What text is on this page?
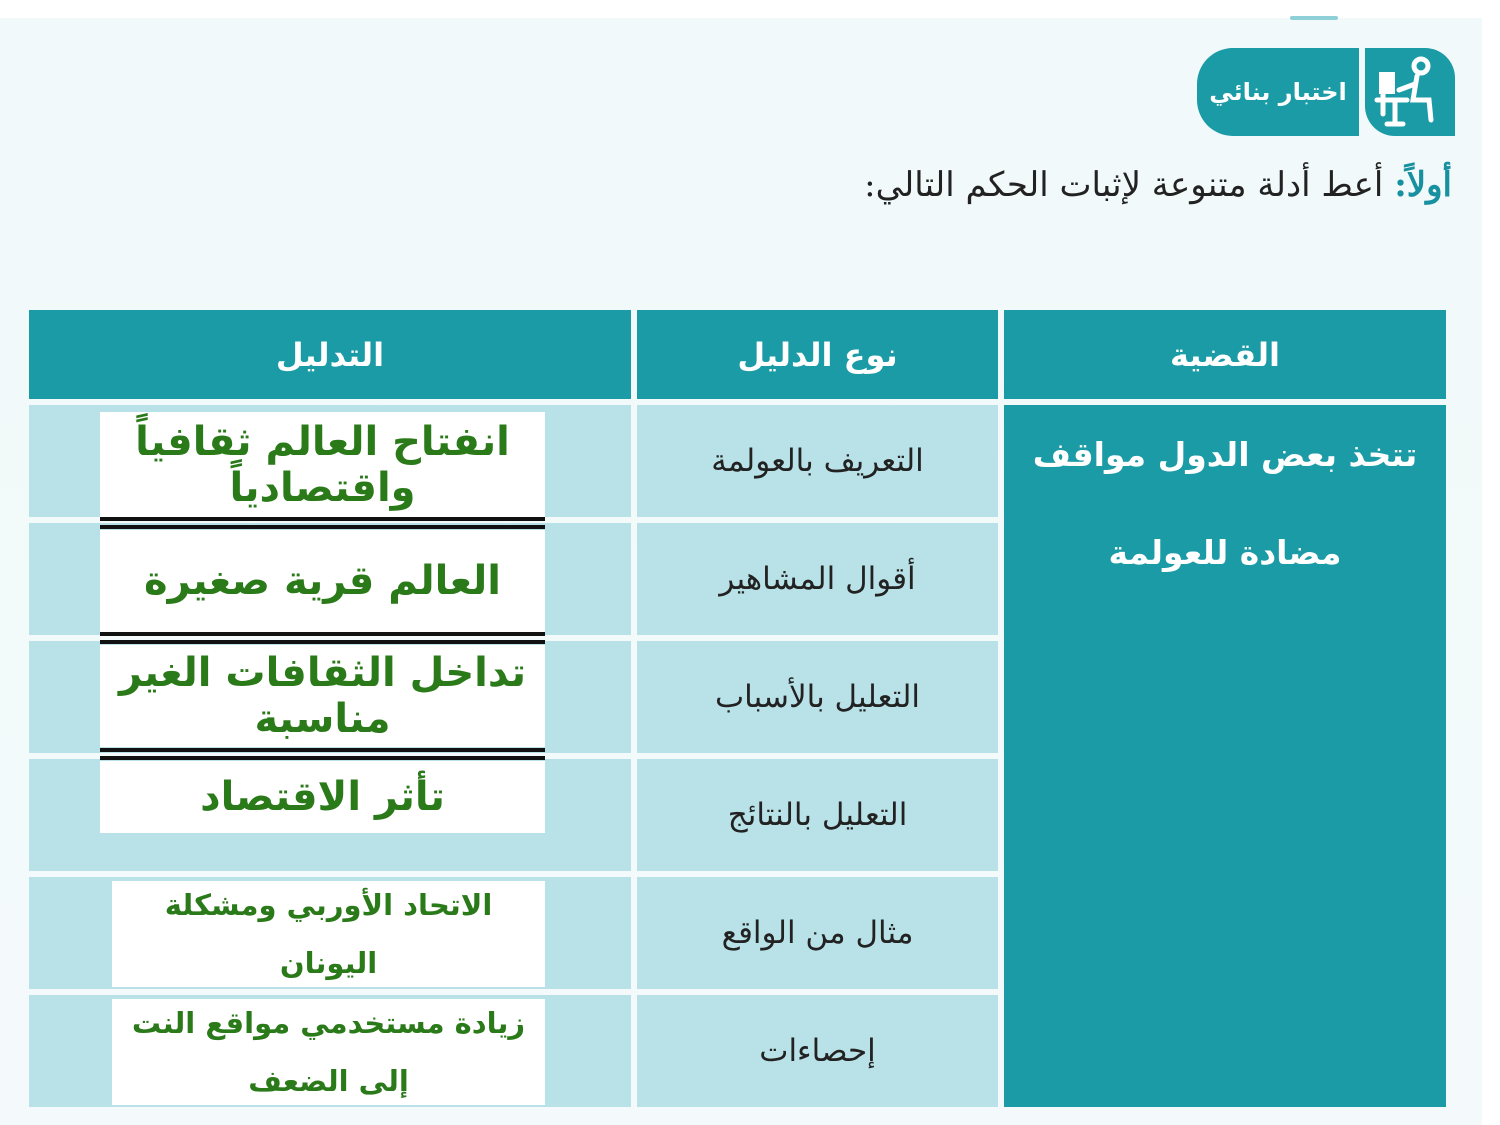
اختبار بنائي
أولاً: أعط أدلة متنوعة لإثبات الحكم التالي:
القضية
نوع الدليل
التدليل
تتخذ بعض الدول مواقف
مضادة للعولمة
التعريف بالعولمة
أقوال المشاهير
التعليل بالأسباب
التعليل بالنتائج
مثال من الواقع
إحصاءات
انفتاح العالم ثقافياً واقتصادياً
العالم قرية صغيرة
تداخل الثقافات الغير مناسبة
تأثر الاقتصاد
الاتحاد الأوربي ومشكلة
اليونان
زيادة مستخدمي مواقع النت
إلى الضعف
